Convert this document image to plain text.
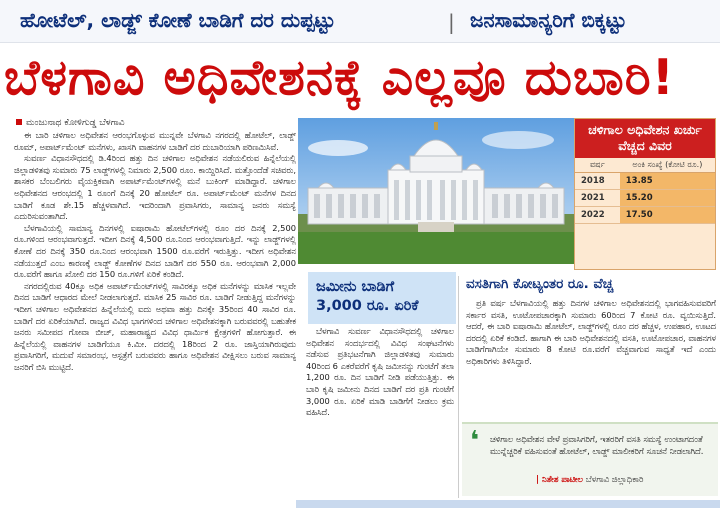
ಹೋಟೆಲ್, ಲಾಡ್ಜ್ ಕೋಣೆ ಬಾಡಿಗೆ ದರ ದುಪ್ಪಟ್ಟು	| ಜನಸಾಮಾನ್ಯರಿಗೆ ಬಿಕ್ಕಟ್ಟು
ಬೆಳಗಾವಿ ಅಧಿವೇಶನಕ್ಕೆ ಎಲ್ಲವೂ ದುಬಾರಿ!
ಮಂಜುನಾಥ ಕೋಳಿಗುಡ್ಡ ಬೆಳಗಾವಿ

ಈ ಬಾರಿ ಚಳಿಗಾಲ ಅಧಿವೇಶನ ಆರಂಭಗೊಳ್ಳುವ ಮುನ್ನವೇ ಬೆಳಗಾವಿ ನಗರದಲ್ಲಿ ಹೋಟೆಲ್, ಲಾಡ್ಜ್ ರೂಮ್, ಅಪಾರ್ಟ್‌ಮೆಂಟ್ ಮನೆಗಳು, ಖಾಸಗಿ ವಾಹನಗಳ ಬಾಡಿಗೆ ದರ ದುಬಾರಿಯಾಗಿ ಪರಿಣಮಿಸಿವೆ.

ಸುವರ್ಣ ವಿಧಾನಸೌಧದಲ್ಲಿ ಡಿ.4ರಿಂದ ಹತ್ತು ದಿನ ಚಳಿಗಾಲ ಅಧಿವೇಶನ ನಡೆಯಲಿರುವ ಹಿನ್ನೆಲೆಯಲ್ಲಿ ಜಿಲ್ಲಾಡಳಿತವು ಸುಮಾರು 75 ಲಾಡ್ಜ್‌ಗಳಲ್ಲಿ ನಿಮಾರು 2,500 ರೂಂ. ಕಾಯ್ದಿರಿಸಿದೆ. ಮತ್ತೊಂದೆಡೆ ಸಚಿವರು, ಶಾಸಕರ ಬೆಂಬಲಿಗರು ವೈಯಕ್ತಿಕವಾಗಿ ಅಪಾರ್ಟ್‌ಮೆಂಟ್‌ಗಳಲ್ಲಿ ಮನೆ ಬುಕಿಂಗ್ ಮಾಡಿದ್ದಾರೆ. ಚಳಿಗಾಲ ಅಧಿವೇಶನದ ಆರಂಭದಲ್ಲಿ 1 ರೂಂಗೆ ದಿನಕ್ಕೆ 20 ಹೋಟೆಲ್ ರೂ. ಅಪಾರ್ಟ್‌ಮೆಂಟ್ ಮನೆಗಳ ದಿನದ ಬಾಡಿಗೆ ಕೂಡ ಶೇ.15 ಹೆಚ್ಚಳವಾಗಿದೆ. ಇದರಿಂದಾಗಿ ಪ್ರವಾಸಿಗರು, ಸಾಮಾನ್ಯ ಜನರು ಸಮಸ್ಯೆ ಎದುರಿಸುವಂತಾಗಿದೆ.

ಬೆಳಗಾವಿಯಲ್ಲಿ ಸಾಮಾನ್ಯ ದಿನಗಳಲ್ಲಿ ಐಷಾರಾಮಿ ಹೋಟೆಲ್‌ಗಳಲ್ಲಿ ರೂಂ ದರ ದಿನಕ್ಕೆ 2,500 ರೂ.ಗಳಿಂದ ಆರಂಭವಾಗುತ್ತದೆ. ಇದೀಗ ದಿನಕ್ಕೆ 4,500 ರೂ.ನಿಂದ ಆರಂಭವಾಗುತ್ತಿದೆ. ಇನ್ನು ಲಾಡ್ಜ್‌ಗಳಲ್ಲಿ ಕೋಣೆ ದರ ದಿನಕ್ಕೆ 350 ರೂ.ನಿಂದ ಆರಂಭವಾಗಿ 1500 ರೂ.ವರೆಗೆ ಇರುತ್ತಿತ್ತು. ಇದೀಗ ಅಧಿವೇಶನ ನಡೆಯುತ್ತದೆ ಎಂಬ ಕಾರಣಕ್ಕೆ ಲಾಡ್ಜ್ ಕೋಣೆಗಳ ದಿನದ ಬಾಡಿಗೆ ದರ 550 ರೂ. ಆರಂಭವಾಗಿ 2,000 ರೂ.ವರೆಗೆ ಹಾಗೂ ಖೋಲಿ ದರ 150 ರೂ.ಗಳಿಗೆ ಏರಿಕೆ ಕಂಡಿದೆ.

ನಗರದಲ್ಲಿರುವ 40ಕ್ಕೂ ಅಧಿಕ ಅಪಾರ್ಟ್‌ಮೆಂಟ್‌ಗಳಲ್ಲಿ ಸಾವಿರಕ್ಕೂ ಅಧಿಕ ಮನೆಗಳನ್ನು ಮಾಸಿಕ ಇಲ್ಲವೇ ದಿನದ ಬಾಡಿಗೆ ಆಧಾರದ ಮೇಲೆ ನೀಡಲಾಗುತ್ತದೆ. ಮಾಸಿಕ 25 ಸಾವಿರ ರೂ. ಬಾಡಿಗೆ ನೀಡುತ್ತಿದ್ದ ಮನೆಗಳನ್ನು ಇದೀಗ ಚಳಿಗಾಲ ಅಧಿವೇಶನದ ಹಿನ್ನೆಲೆಯಲ್ಲಿ ಐದು ಅಥವಾ ಹತ್ತು ದಿನಕ್ಕೇ 35ರಿಂದ 40 ಸಾವಿರ ರೂ. ಬಾಡಿಗೆ ದರ ಏರಿಕೆಯಾಗಿದೆ. ರಾಜ್ಯದ ವಿವಿಧ ಭಾಗಗಳಿಂದ ಚಳಿಗಾಲ ಅಧಿವೇಶನಕ್ಕಾಗಿ ಬರುವವರಲ್ಲಿ ಬಹುತೇಕ ಜನರು ಸಮೀಪದ ಗೋವಾ ಬೀಚ್, ಮಹಾರಾಷ್ಟ್ರದ ವಿವಿಧ ಧಾರ್ಮಿಕ ಕ್ಷೇತ್ರಗಳಿಗೆ ಹೋಗುತ್ತಾರೆ. ಈ ಹಿನ್ನೆಲೆಯಲ್ಲಿ ವಾಹನಗಳ ಬಾಡಿಗೆಯೂ ಕಿ.ಮೀ. ದರದಲ್ಲಿ 18ರಿಂದ 2 ರೂ. ಜಾಸ್ತಿಯಾಗಿರುವುದು ಪ್ರವಾಸಿಗರಿಗೆ, ಮದುವೆ ಸಮಾರಂಭ, ಆಸ್ಪತ್ರೆಗೆ ಬರುವವರು ಹಾಗೂ ಅಧಿವೇಶನ ವೀಕ್ಷಿಸಲು ಬರುವ ಸಾಮಾನ್ಯ ಜನರಿಗೆ ಬಿಸಿ ಮುಟ್ಟಿದೆ.

ಚಳಿಗಾಲ ಅಧಿವೇಶನ ಖರ್ಚು ವೆಚ್ಚದ ವಿವರ
ವರ್ಷ	ಅಂಕಿ ಸಂಖ್ಯೆ (ಕೋಟಿ ರೂ.)
2018	13.85
2021	15.20
2022	17.50
ಜಮೀನು ಬಾಡಿಗೆ
3,000 ರೂ. ಏರಿಕೆ

ಬೆಳಗಾವಿ ಸುವರ್ಣ ವಿಧಾನಸೌಧದಲ್ಲಿ ಚಳಿಗಾಲ ಅಧಿವೇಶನ ಸಂದರ್ಭದಲ್ಲಿ ವಿವಿಧ ಸಂಘಟನೆಗಳು ನಡೆಸುವ ಪ್ರತಿಭಟನೆಗಾಗಿ ಜಿಲ್ಲಾಡಳಿತವು ಸುಮಾರು 40ರಿಂದ 6 ಎಕರೆವರೆಗೆ ಕೃಷಿ ಜಮೀನನ್ನು ಗುಂಟೆಗೆ ತಲಾ 1,200 ರೂ. ದಿನ ಬಾಡಿಗೆ ನೀಡಿ ಪಡೆಯುತ್ತಿತ್ತು. ಈ ಬಾರಿ ಕೃಷಿ ಜಮೀನು ದಿನದ ಬಾಡಿಗೆ ದರ ಪ್ರತಿ ಗುಂಟೆಗೆ 3,000 ರೂ. ಏರಿಕೆ ಮಾಡಿ ಬಾಡಿಗೆಗೆ ನೀಡಲು ಕ್ರಮ ವಹಿಸಿದೆ.

ವಸತಿಗಾಗಿ ಕೋಟ್ಯಂತರ ರೂ. ವೆಚ್ಚ

ಪ್ರತಿ ವರ್ಷ ಬೆಳಗಾವಿಯಲ್ಲಿ ಹತ್ತು ದಿನಗಳ ಚಳಿಗಾಲ ಅಧಿವೇಶನದಲ್ಲಿ ಭಾಗವಹಿಸುವವರಿಗೆ ಸರ್ಕಾರ ವಸತಿ, ಊಟೋಪಚಾರಕ್ಕಾಗಿ ಸುಮಾರು 60ರಿಂದ 7 ಕೋಟಿ ರೂ. ವ್ಯಯಿಸುತ್ತಿದೆ. ಆದರೆ, ಈ ಬಾರಿ ಐಷಾರಾಮಿ ಹೋಟೆಲ್, ಲಾಡ್ಜ್‌ಗಳಲ್ಲಿ ರೂಂ ದರ ಹೆಚ್ಚಳ, ಉಪಹಾರ, ಊಟದ ದರದಲ್ಲಿ ಏರಿಕೆ ಕಂಡಿದೆ. ಹಾಗಾಗಿ ಈ ಬಾರಿ ಅಧಿವೇಶನದಲ್ಲಿ ವಸತಿ, ಊಟೋಪಚಾರ, ವಾಹನಗಳ ಬಾಡಿಗೆಗಾಗಿಯೇ ಸುಮಾರು 8 ಕೋಟಿ ರೂ.ವರೆಗೆ ವೆಚ್ಚವಾಗುವ ಸಾಧ್ಯತೆ ಇದೆ ಎಂದು ಅಧಿಕಾರಿಗಳು ತಿಳಿಸಿದ್ದಾರೆ.

❛ ಚಳಿಗಾಲ ಅಧಿವೇಶನ ವೇಳೆ ಪ್ರವಾಸಿಗರಿಗೆ, ಇತರರಿಗೆ ವಸತಿ ಸಮಸ್ಯೆ ಉಂಟಾಗದಂತೆ ಮುನ್ನೆಚ್ಚರಿಕೆ ವಹಿಸುವಂತೆ ಹೋಟೆಲ್, ಲಾಡ್ಜ್ ಮಾಲೀಕರಿಗೆ ಸೂಚನೆ ನೀಡಲಾಗಿದೆ.
| ನಿತೇಶ ಪಾಟೀಲ ಬೆಳಗಾವಿ ಜಿಲ್ಲಾಧಿಕಾರಿ
